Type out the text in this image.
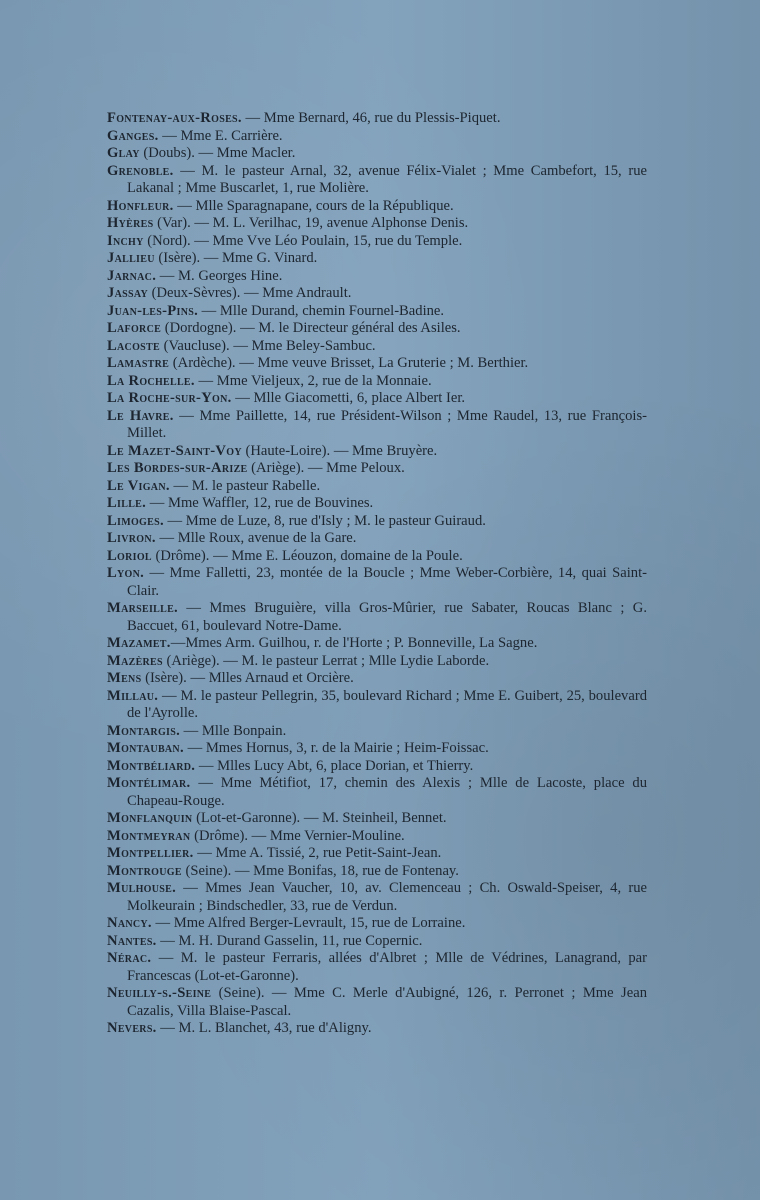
Fontenay-aux-Roses. — Mme Bernard, 46, rue du Plessis-Piquet.

Ganges. — Mme E. Carrière.

Glay (Doubs). — Mme Macler.

Grenoble. — M. le pasteur Arnal, 32, avenue Félix-Vialet ; Mme Cambefort, 15, rue Lakanal ; Mme Buscarlet, 1, rue Molière.

Honfleur. — Mlle Sparagnapane, cours de la République.

Hyères (Var). — M. L. Verilhac, 19, avenue Alphonse Denis.

Inchy (Nord). — Mme Vve Léo Poulain, 15, rue du Temple.

Jallieu (Isère). — Mme G. Vinard.

Jarnac. — M. Georges Hine.

Jassay (Deux-Sèvres). — Mme Andrault.

Juan-les-Pins. — Mlle Durand, chemin Fournel-Badine.

Laforce (Dordogne). — M. le Directeur général des Asiles.

Lacoste (Vaucluse). — Mme Beley-Sambuc.

Lamastre (Ardèche). — Mme veuve Brisset, La Gruterie ; M. Berthier.

La Rochelle. — Mme Vieljeux, 2, rue de la Monnaie.

La Roche-sur-Yon. — Mlle Giacometti, 6, place Albert Ier.

Le Havre. — Mme Paillette, 14, rue Président-Wilson ; Mme Raudel, 13, rue François-Millet.

Le Mazet-Saint-Voy (Haute-Loire). — Mme Bruyère.

Les Bordes-sur-Arize (Ariège). — Mme Peloux.

Le Vigan. — M. le pasteur Rabelle.

Lille. — Mme Waffler, 12, rue de Bouvines.

Limoges. — Mme de Luze, 8, rue d'Isly ; M. le pasteur Guiraud.

Livron. — Mlle Roux, avenue de la Gare.

Loriol (Drôme). — Mme E. Léouzon, domaine de la Poule.

Lyon. — Mme Falletti, 23, montée de la Boucle ; Mme Weber-Corbière, 14, quai Saint-Clair.

Marseille. — Mmes Bruguière, villa Gros-Mûrier, rue Sabater, Roucas Blanc ; G. Baccuet, 61, boulevard Notre-Dame.

Mazamet.—Mmes Arm. Guilhou, r. de l'Horte ; P. Bonneville, La Sagne.

Mazères (Ariège). — M. le pasteur Lerrat ; Mlle Lydie Laborde.

Mens (Isère). — Mlles Arnaud et Orcière.

Millau. — M. le pasteur Pellegrin, 35, boulevard Richard ; Mme E. Guibert, 25, boulevard de l'Ayrolle.

Montargis. — Mlle Bonpain.

Montauban. — Mmes Hornus, 3, r. de la Mairie ; Heim-Foissac.

Montbéliard. — Mlles Lucy Abt, 6, place Dorian, et Thierry.

Montélimar. — Mme Métifiot, 17, chemin des Alexis ; Mlle de Lacoste, place du Chapeau-Rouge.

Monflanquin (Lot-et-Garonne). — M. Steinheil, Bennet.

Montmeyran (Drôme). — Mme Vernier-Mouline.

Montpellier. — Mme A. Tissié, 2, rue Petit-Saint-Jean.

Montrouge (Seine). — Mme Bonifas, 18, rue de Fontenay.

Mulhouse. — Mmes Jean Vaucher, 10, av. Clemenceau ; Ch. Oswald-Speiser, 4, rue Molkeurain ; Bindschedler, 33, rue de Verdun.

Nancy. — Mme Alfred Berger-Levrault, 15, rue de Lorraine.

Nantes. — M. H. Durand Gasselin, 11, rue Copernic.

Nérac. — M. le pasteur Ferraris, allées d'Albret ; Mlle de Védrines, Lanagrand, par Francescas (Lot-et-Garonne).

Neuilly-s.-Seine (Seine). — Mme C. Merle d'Aubigné, 126, r. Perronet ; Mme Jean Cazalis, Villa Blaise-Pascal.

Nevers. — M. L. Blanchet, 43, rue d'Aligny.
